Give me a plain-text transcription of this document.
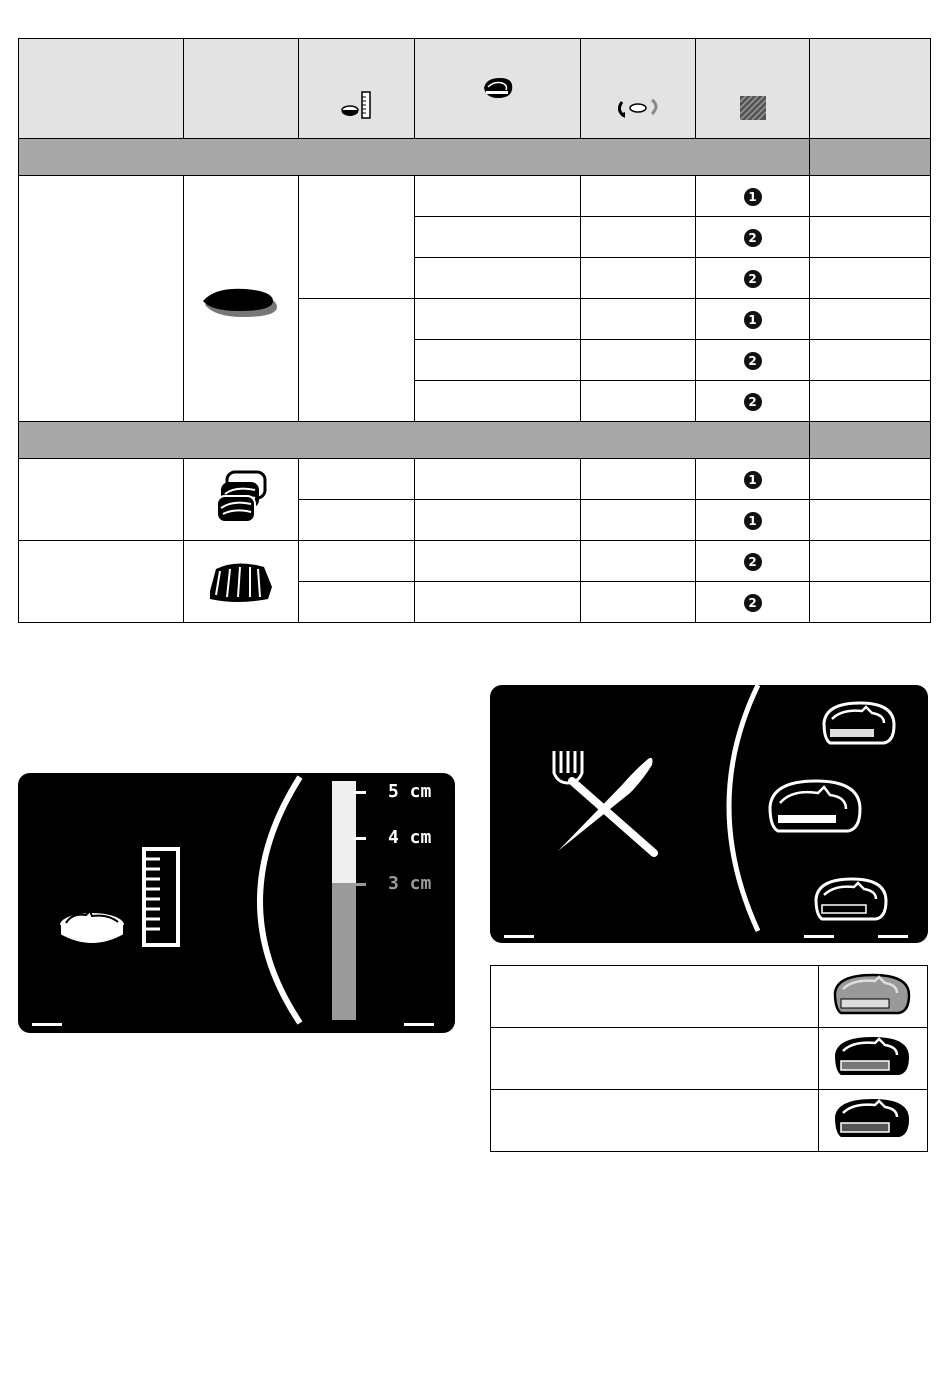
					1	
					2	
					2	
					1	
					2	
					2	

					1	
					1	
					2	
					2	
5 cm
4 cm
3 cm
